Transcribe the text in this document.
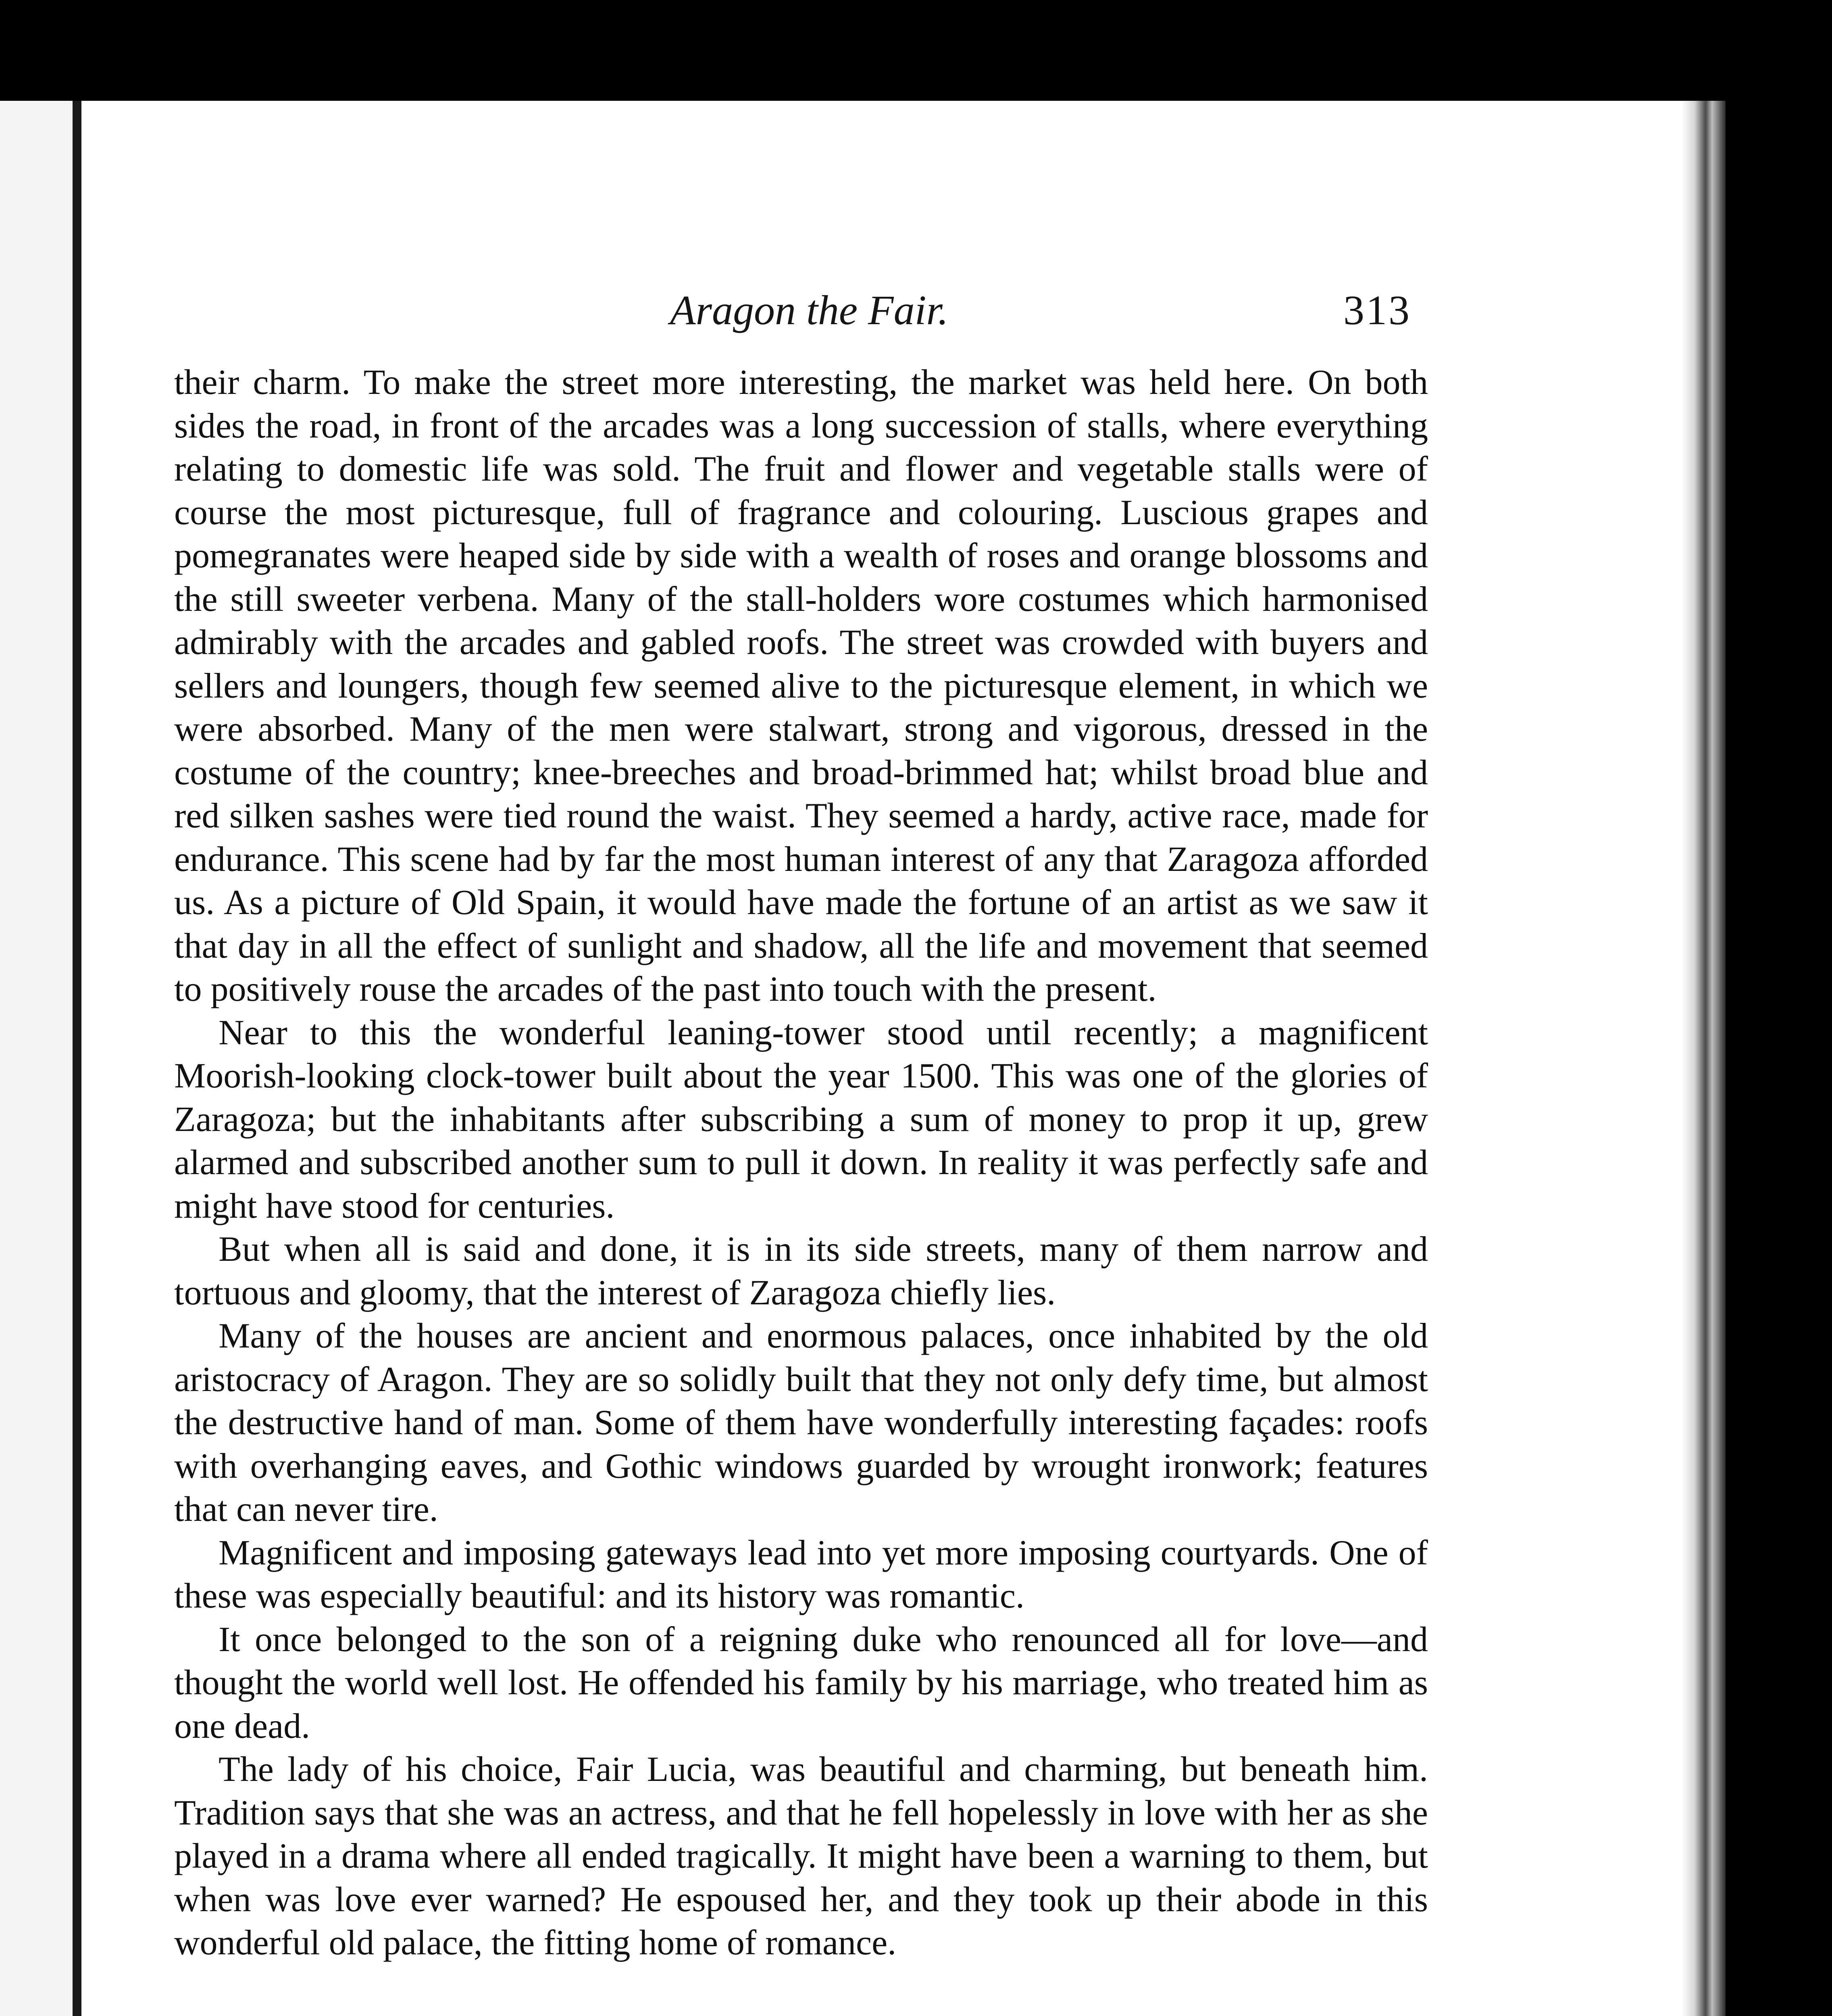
Aragon the Fair.	313

their charm. To make the street more interesting, the market was held here. On both sides the road, in front of the arcades was a long succession of stalls, where everything relating to domestic life was sold. The fruit and flower and vegetable stalls were of course the most picturesque, full of fragrance and colouring. Luscious grapes and pomegranates were heaped side by side with a wealth of roses and orange blossoms and the still sweeter verbena. Many of the stall-holders wore costumes which harmonised admirably with the arcades and gabled roofs. The street was crowded with buyers and sellers and loungers, though few seemed alive to the picturesque element, in which we were absorbed. Many of the men were stalwart, strong and vigorous, dressed in the costume of the country; knee-breeches and broad-brimmed hat; whilst broad blue and red silken sashes were tied round the waist. They seemed a hardy, active race, made for endurance. This scene had by far the most human interest of any that Zaragoza afforded us. As a picture of Old Spain, it would have made the fortune of an artist as we saw it that day in all the effect of sunlight and shadow, all the life and movement that seemed to positively rouse the arcades of the past into touch with the present.

Near to this the wonderful leaning-tower stood until recently; a magnificent Moorish-looking clock-tower built about the year 1500. This was one of the glories of Zaragoza; but the inhabitants after subscribing a sum of money to prop it up, grew alarmed and subscribed another sum to pull it down. In reality it was perfectly safe and might have stood for centuries.

But when all is said and done, it is in its side streets, many of them narrow and tortuous and gloomy, that the interest of Zaragoza chiefly lies.

Many of the houses are ancient and enormous palaces, once inhabited by the old aristocracy of Aragon. They are so solidly built that they not only defy time, but almost the destructive hand of man. Some of them have wonderfully interesting façades: roofs with overhanging eaves, and Gothic windows guarded by wrought ironwork; features that can never tire.

Magnificent and imposing gateways lead into yet more imposing courtyards. One of these was especially beautiful: and its history was romantic.

It once belonged to the son of a reigning duke who renounced all for love—and thought the world well lost. He offended his family by his marriage, who treated him as one dead.

The lady of his choice, Fair Lucia, was beautiful and charming, but beneath him. Tradition says that she was an actress, and that he fell hopelessly in love with her as she played in a drama where all ended tragically. It might have been a warning to them, but when was love ever warned? He espoused her, and they took up their abode in this wonderful old palace, the fitting home of romance.
